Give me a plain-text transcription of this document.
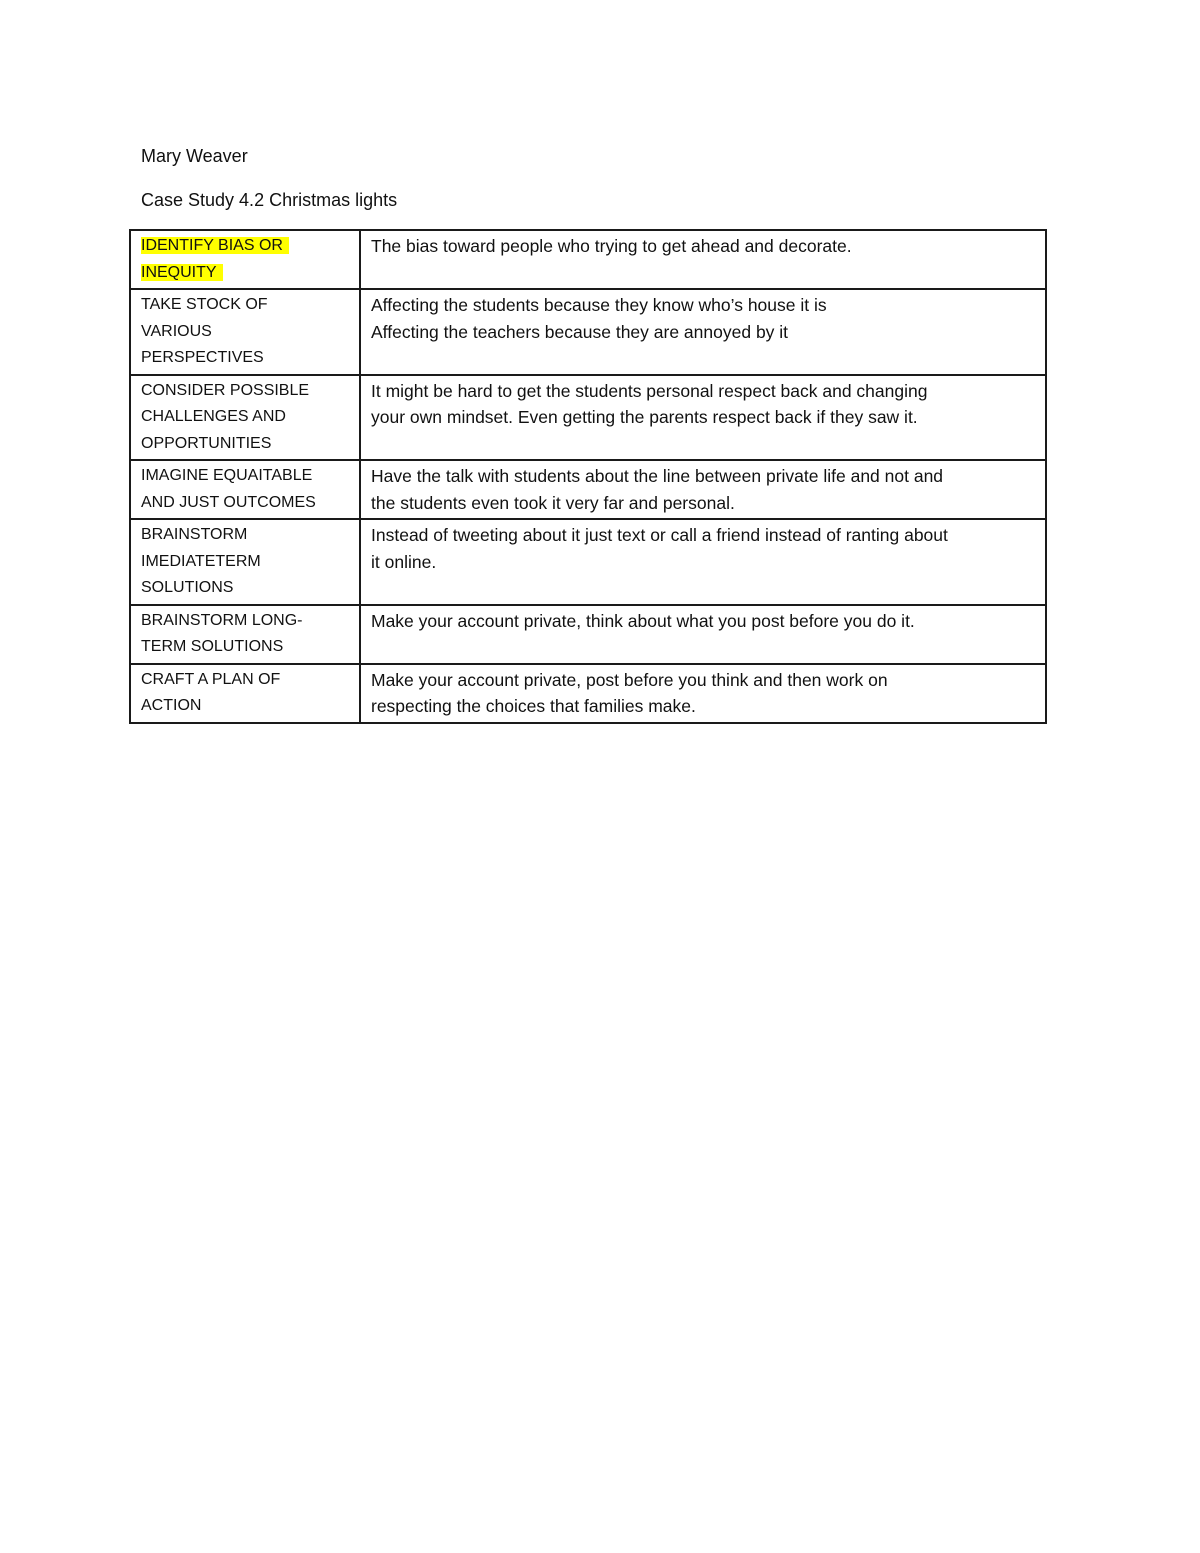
Mary Weaver
Case Study 4.2 Christmas lights
IDENTIFY BIAS OR
INEQUITY	The bias toward people who trying to get ahead and decorate.

TAKE STOCK OF
VARIOUS
PERSPECTIVES	Affecting the students because they know who’s house it is
Affecting the teachers because they are annoyed by it

CONSIDER POSSIBLE
CHALLENGES AND
OPPORTUNITIES	It might be hard to get the students personal respect back and changing
your own mindset. Even getting the parents respect back if they saw it.

IMAGINE EQUAITABLE
AND JUST OUTCOMES	Have the talk with students about the line between private life and not and
the students even took it very far and personal.

BRAINSTORM
IMEDIATETERM
SOLUTIONS	Instead of tweeting about it just text or call a friend instead of ranting about
it online.

BRAINSTORM LONG-
TERM SOLUTIONS	Make your account private, think about what you post before you do it.

CRAFT A PLAN OF
ACTION	Make your account private, post before you think and then work on
respecting the choices that families make.
